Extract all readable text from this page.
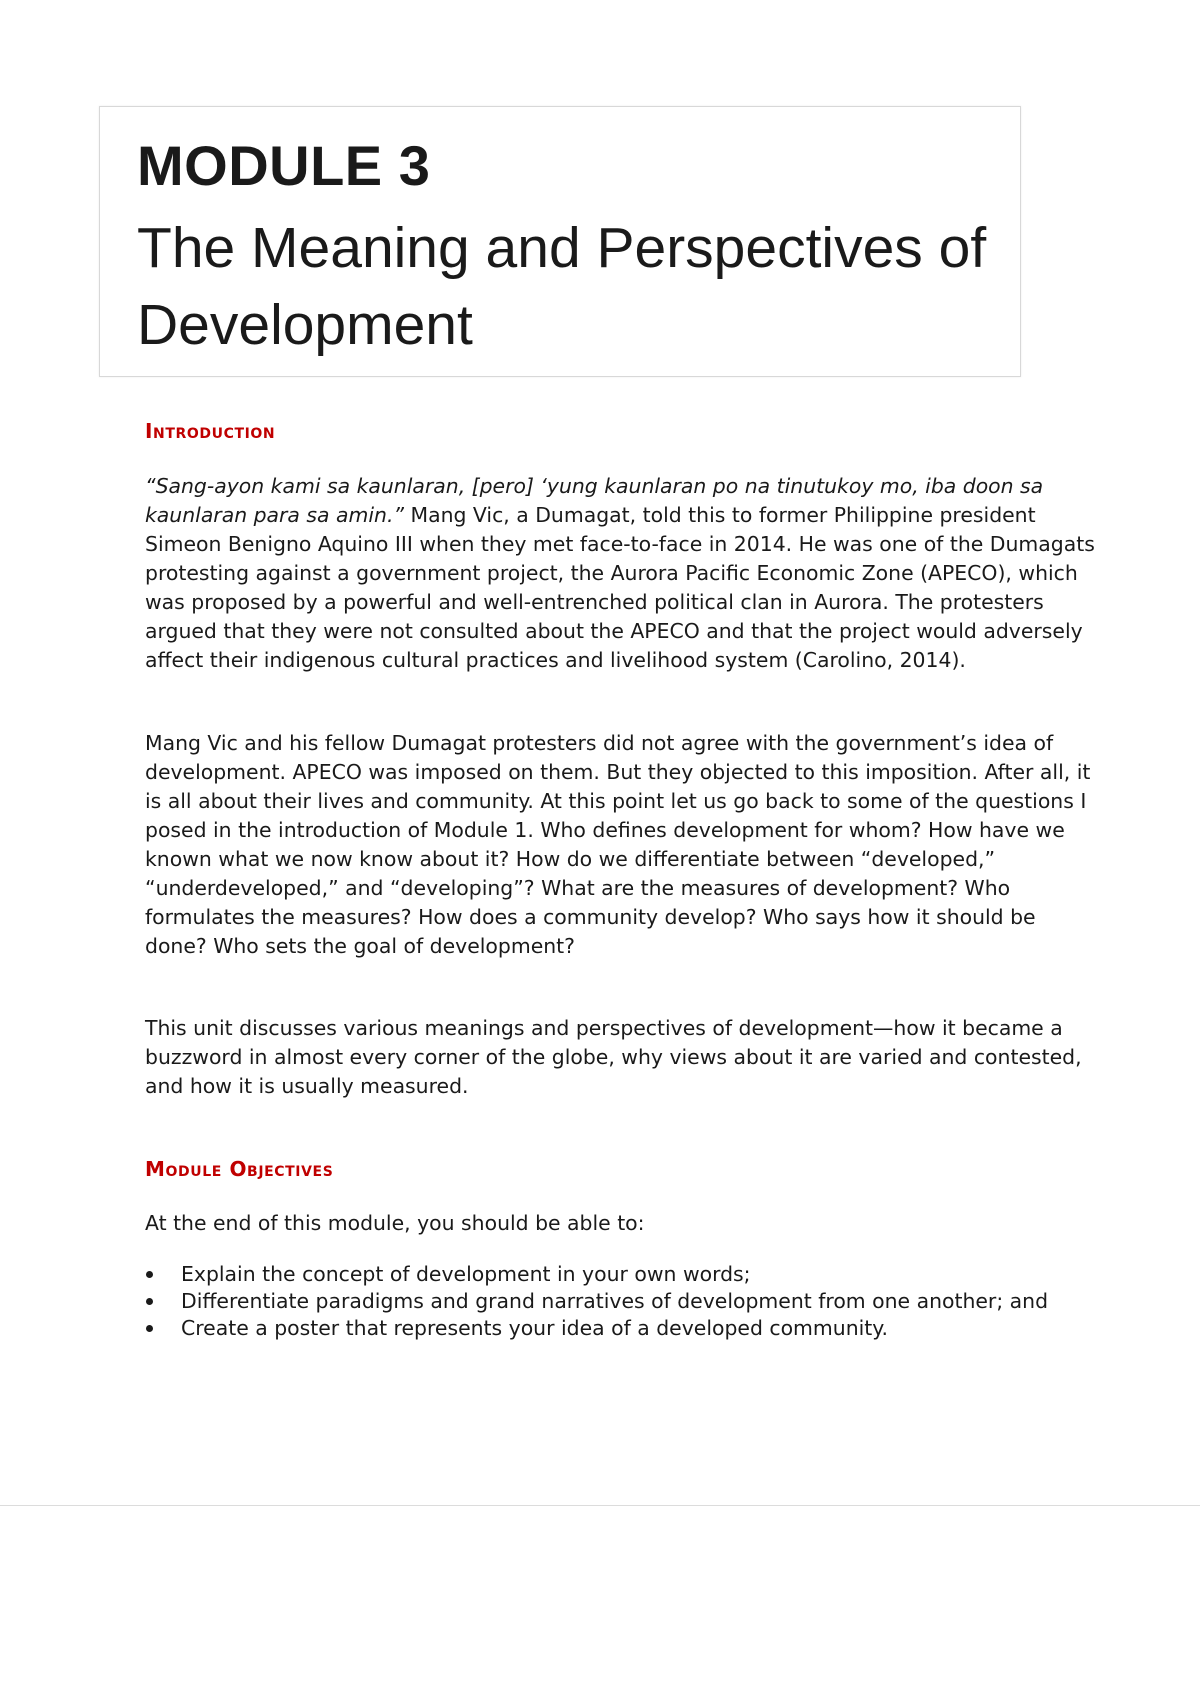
MODULE 3
The Meaning and Perspectives of Development
Introduction

“Sang-ayon kami sa kaunlaran, [pero] ‘yung kaunlaran po na tinutukoy mo, iba doon sa kaunlaran para sa amin.” Mang Vic, a Dumagat, told this to former Philippine president Simeon Benigno Aquino III when they met face-to-face in 2014. He was one of the Dumagats protesting against a government project, the Aurora Pacific Economic Zone (APECO), which was proposed by a powerful and well-entrenched political clan in Aurora. The protesters argued that they were not consulted about the APECO and that the project would adversely affect their indigenous cultural practices and livelihood system (Carolino, 2014).

Mang Vic and his fellow Dumagat protesters did not agree with the government’s idea of development. APECO was imposed on them. But they objected to this imposition. After all, it is all about their lives and community. At this point let us go back to some of the questions I posed in the introduction of Module 1. Who defines development for whom? How have we known what we now know about it? How do we differentiate between “developed,” “underdeveloped,” and “developing”? What are the measures of development? Who formulates the measures? How does a community develop? Who says how it should be done? Who sets the goal of development?

This unit discusses various meanings and perspectives of development—how it became a buzzword in almost every corner of the globe, why views about it are varied and contested, and how it is usually measured.

Module Objectives

At the end of this module, you should be able to:

Explain the concept of development in your own words;
Differentiate paradigms and grand narratives of development from one another; and
Create a poster that represents your idea of a developed community.
